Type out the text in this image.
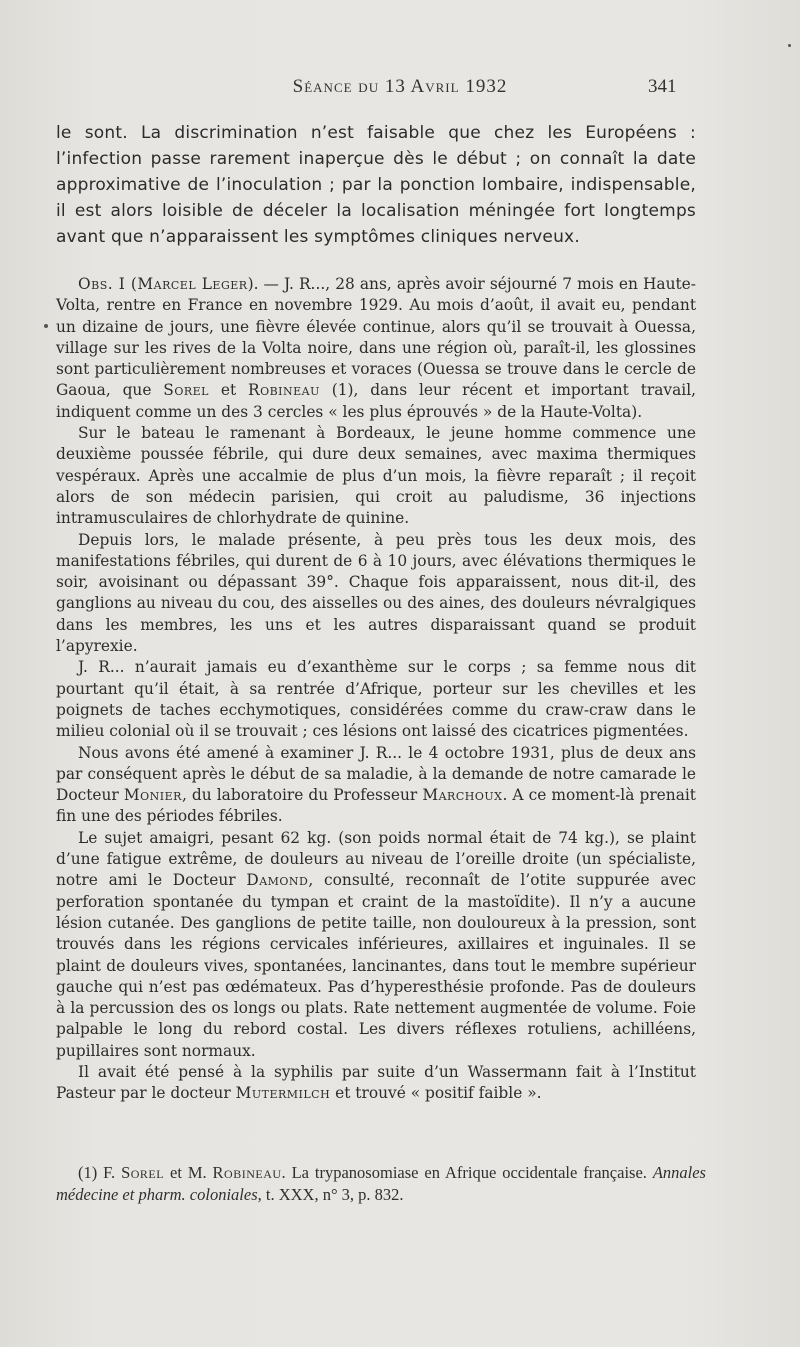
Séance du 13 Avril 1932	341

le sont. La discrimination n’est faisable que chez les Européens : l’infection passe rarement inaperçue dès le début ; on connaît la date approximative de l’inoculation ; par la ponction lombaire, indispensable, il est alors loisible de déceler la localisation méningée fort longtemps avant que n’apparaissent les symptômes cliniques nerveux.

Obs. I (Marcel Leger). — J. R..., 28 ans, après avoir séjourné 7 mois en Haute-Volta, rentre en France en novembre 1929. Au mois d’août, il avait eu, pendant un dizaine de jours, une fièvre élevée continue, alors qu’il se trouvait à Ouessa, village sur les rives de la Volta noire, dans une région où, paraît-il, les glossines sont particulièrement nombreuses et voraces (Ouessa se trouve dans le cercle de Gaoua, que Sorel et Robineau (1), dans leur récent et important travail, indiquent comme un des 3 cercles « les plus éprouvés » de la Haute-Volta).

Sur le bateau le ramenant à Bordeaux, le jeune homme commence une deuxième poussée fébrile, qui dure deux semaines, avec maxima thermiques vespéraux. Après une accalmie de plus d’un mois, la fièvre reparaît ; il reçoit alors de son médecin parisien, qui croit au paludisme, 36 injections intramusculaires de chlorhydrate de quinine.

Depuis lors, le malade présente, à peu près tous les deux mois, des manifestations fébriles, qui durent de 6 à 10 jours, avec élévations thermiques le soir, avoisinant ou dépassant 39°. Chaque fois apparaissent, nous dit-il, des ganglions au niveau du cou, des aisselles ou des aines, des douleurs névralgiques dans les membres, les uns et les autres disparaissant quand se produit l’apyrexie.

J. R... n’aurait jamais eu d’exanthème sur le corps ; sa femme nous dit pourtant qu’il était, à sa rentrée d’Afrique, porteur sur les chevilles et les poignets de taches ecchymotiques, considérées comme du craw-craw dans le milieu colonial où il se trouvait ; ces lésions ont laissé des cicatrices pigmentées.

Nous avons été amené à examiner J. R... le 4 octobre 1931, plus de deux ans par conséquent après le début de sa maladie, à la demande de notre camarade le Docteur Monier, du laboratoire du Professeur Marchoux. A ce moment-là prenait fin une des périodes fébriles.

Le sujet amaigri, pesant 62 kg. (son poids normal était de 74 kg.), se plaint d’une fatigue extrême, de douleurs au niveau de l’oreille droite (un spécialiste, notre ami le Docteur Damond, consulté, reconnaît de l’otite suppurée avec perforation spontanée du tympan et craint de la mastoïdite). Il n’y a aucune lésion cutanée. Des ganglions de petite taille, non douloureux à la pression, sont trouvés dans les régions cervicales inférieures, axillaires et inguinales. Il se plaint de douleurs vives, spontanées, lancinantes, dans tout le membre supérieur gauche qui n’est pas œdémateux. Pas d’hyperesthésie profonde. Pas de douleurs à la percussion des os longs ou plats. Rate nettement augmentée de volume. Foie palpable le long du rebord costal. Les divers réflexes rotuliens, achilléens, pupillaires sont normaux.

Il avait été pensé à la syphilis par suite d’un Wassermann fait à l’Institut Pasteur par le docteur Mutermilch et trouvé « positif faible ».

(1) F. Sorel et M. Robineau. La trypanosomiase en Afrique occidentale française. Annales médecine et pharm. coloniales, t. XXX, n° 3, p. 832.
